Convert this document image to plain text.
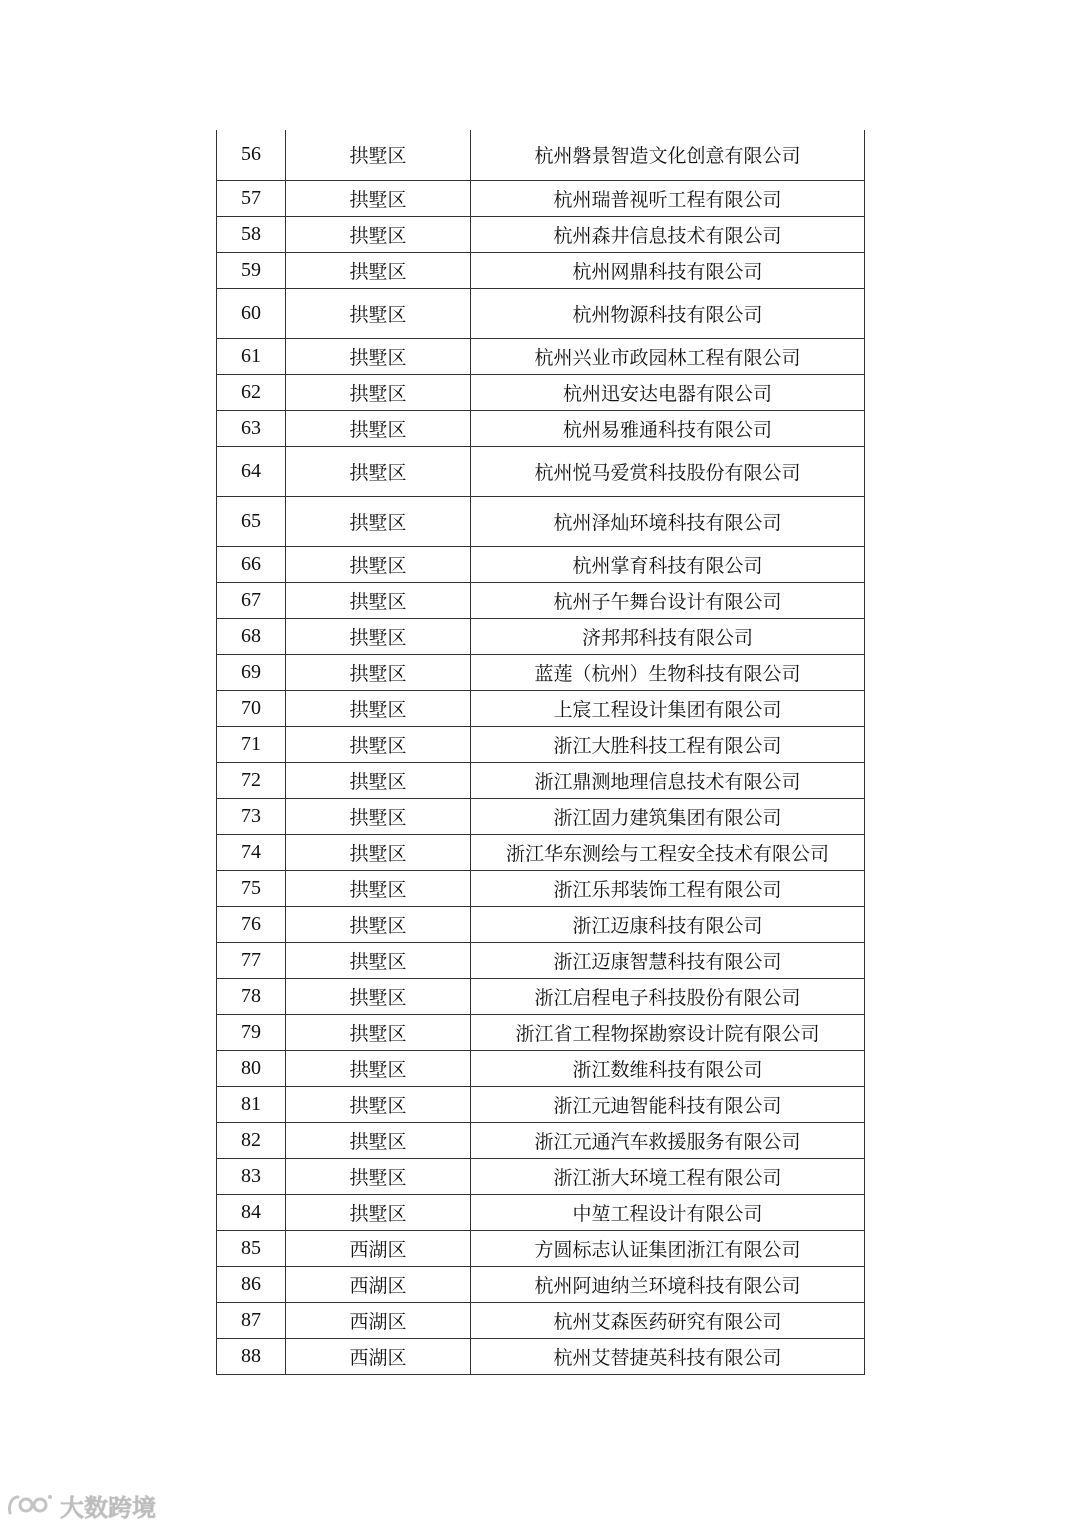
56	拱墅区	杭州磐景智造文化创意有限公司
57	拱墅区	杭州瑞普视听工程有限公司
58	拱墅区	杭州森井信息技术有限公司
59	拱墅区	杭州网鼎科技有限公司
60	拱墅区	杭州物源科技有限公司
61	拱墅区	杭州兴业市政园林工程有限公司
62	拱墅区	杭州迅安达电器有限公司
63	拱墅区	杭州易雅通科技有限公司
64	拱墅区	杭州悦马爱赏科技股份有限公司
65	拱墅区	杭州泽灿环境科技有限公司
66	拱墅区	杭州掌育科技有限公司
67	拱墅区	杭州子午舞台设计有限公司
68	拱墅区	济邦邦科技有限公司
69	拱墅区	蓝莲（杭州）生物科技有限公司
70	拱墅区	上宸工程设计集团有限公司
71	拱墅区	浙江大胜科技工程有限公司
72	拱墅区	浙江鼎测地理信息技术有限公司
73	拱墅区	浙江固力建筑集团有限公司
74	拱墅区	浙江华东测绘与工程安全技术有限公司
75	拱墅区	浙江乐邦装饰工程有限公司
76	拱墅区	浙江迈康科技有限公司
77	拱墅区	浙江迈康智慧科技有限公司
78	拱墅区	浙江启程电子科技股份有限公司
79	拱墅区	浙江省工程物探勘察设计院有限公司
80	拱墅区	浙江数维科技有限公司
81	拱墅区	浙江元迪智能科技有限公司
82	拱墅区	浙江元通汽车救援服务有限公司
83	拱墅区	浙江浙大环境工程有限公司
84	拱墅区	中堃工程设计有限公司
85	西湖区	方圆标志认证集团浙江有限公司
86	西湖区	杭州阿迪纳兰环境科技有限公司
87	西湖区	杭州艾森医药研究有限公司
88	西湖区	杭州艾替捷英科技有限公司
大数跨境
